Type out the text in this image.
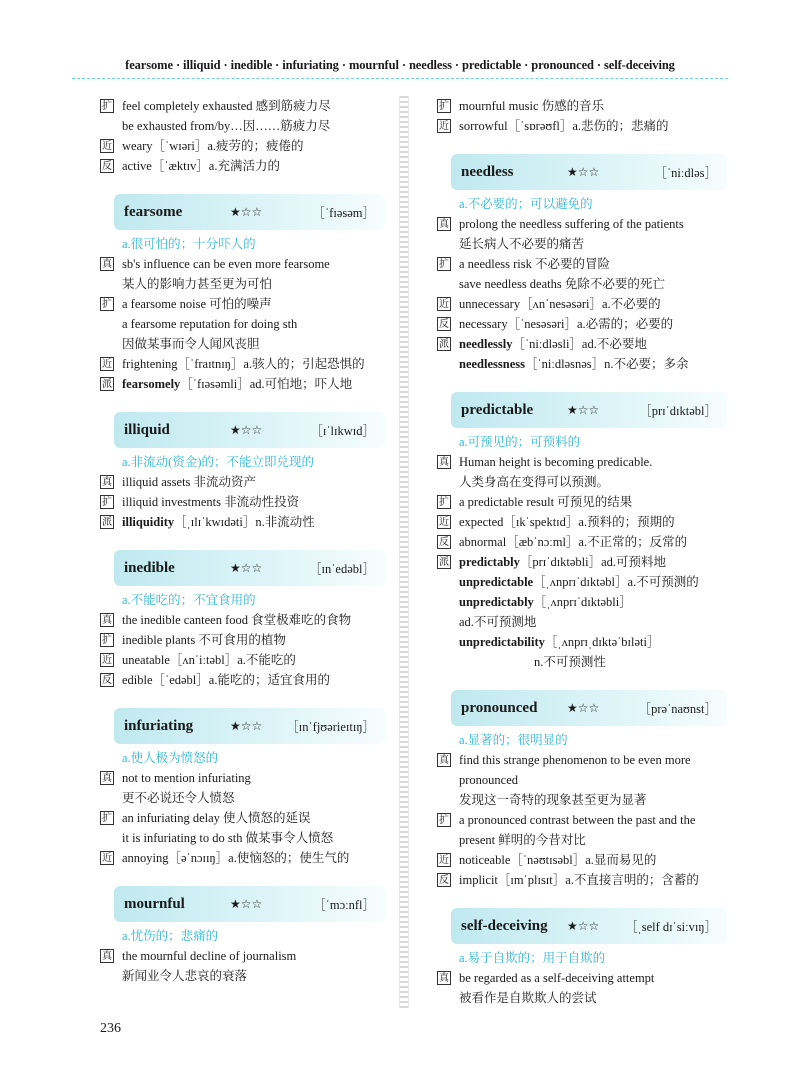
fearsome · illiquid · inedible · infuriating · mournful · needless · predictable · pronounced · self-deceiving
扩 feel completely exhausted 感到筋疲力尽
be exhausted from/by…因……筋疲力尽
近 weary［ˈwɪəri］a.疲劳的；疲倦的
反 active［ˈæktɪv］a.充满活力的
fearsome	★☆☆	［ˈfɪəsəm］
a.很可怕的；十分吓人的
真 sb's influence can be even more fearsome
某人的影响力甚至更为可怕
扩 a fearsome noise 可怕的噪声
a fearsome reputation for doing sth
因做某事而令人闻风丧胆
近 frightening［ˈfraɪtnɪŋ］a.骇人的；引起恐惧的
派 fearsomely［ˈfɪəsəmli］ad.可怕地；吓人地
illiquid	★☆☆	［ɪˈlɪkwɪd］
a.非流动(资金)的；不能立即兑现的
真 illiquid assets 非流动资产
扩 illiquid investments 非流动性投资
派 illiquidity［ˌɪlɪˈkwɪdəti］n.非流动性
inedible	★☆☆	［ɪnˈedəbl］
a.不能吃的；不宜食用的
真 the inedible canteen food 食堂极难吃的食物
扩 inedible plants 不可食用的植物
近 uneatable［ʌnˈiːtəbl］a.不能吃的
反 edible［ˈedəbl］a.能吃的；适宜食用的
infuriating	★☆☆	［ɪnˈfjʊərieɪtɪŋ］
a.使人极为愤怒的
真 not to mention infuriating
更不必说还令人愤怒
扩 an infuriating delay 使人愤怒的延误
it is infuriating to do sth 做某事令人愤怒
近 annoying［əˈnɔɪɪŋ］a.使恼怒的；使生气的
mournful	★☆☆	［ˈmɔːnfl］
a.忧伤的；悲痛的
真 the mournful decline of journalism
新闻业令人悲哀的衰落
扩 mournful music 伤感的音乐
近 sorrowful［ˈsɒrəʊfl］a.悲伤的；悲痛的
needless	★☆☆	［ˈniːdləs］
a.不必要的；可以避免的
真 prolong the needless suffering of the patients
延长病人不必要的痛苦
扩 a needless risk 不必要的冒险
save needless deaths 免除不必要的死亡
近 unnecessary［ʌnˈnesəsəri］a.不必要的
反 necessary［ˈnesəsəri］a.必需的；必要的
派 needlessly［ˈniːdləsli］ad.不必要地
needlessness［ˈniːdləsnəs］n.不必要；多余
predictable	★☆☆	［prɪˈdɪktəbl］
a.可预见的；可预料的
真 Human height is becoming predicable.
人类身高在变得可以预测。
扩 a predictable result 可预见的结果
近 expected［ɪkˈspektɪd］a.预料的；预期的
反 abnormal［æbˈnɔːml］a.不正常的；反常的
派 predictably［prɪˈdɪktəbli］ad.可预料地
unpredictable［ˌʌnprɪˈdɪktəbl］a.不可预测的
unpredictably［ˌʌnprɪˈdɪktəbli］
ad.不可预测地
unpredictability［ˌʌnprɪˌdɪktəˈbɪləti］
n.不可预测性
pronounced	★☆☆	［prəˈnaʊnst］
a.显著的；很明显的
真 find this strange phenomenon to be even more
pronounced
发现这一奇特的现象甚至更为显著
扩 a pronounced contrast between the past and the
present 鲜明的今昔对比
近 noticeable［ˈnəʊtɪsəbl］a.显而易见的
反 implicit［ɪmˈplɪsɪt］a.不直接言明的；含蓄的
self-deceiving	★☆☆	［ˌself dɪˈsiːvɪŋ］
a.易于自欺的；用于自欺的
真 be regarded as a self-deceiving attempt
被看作是自欺欺人的尝试
236
